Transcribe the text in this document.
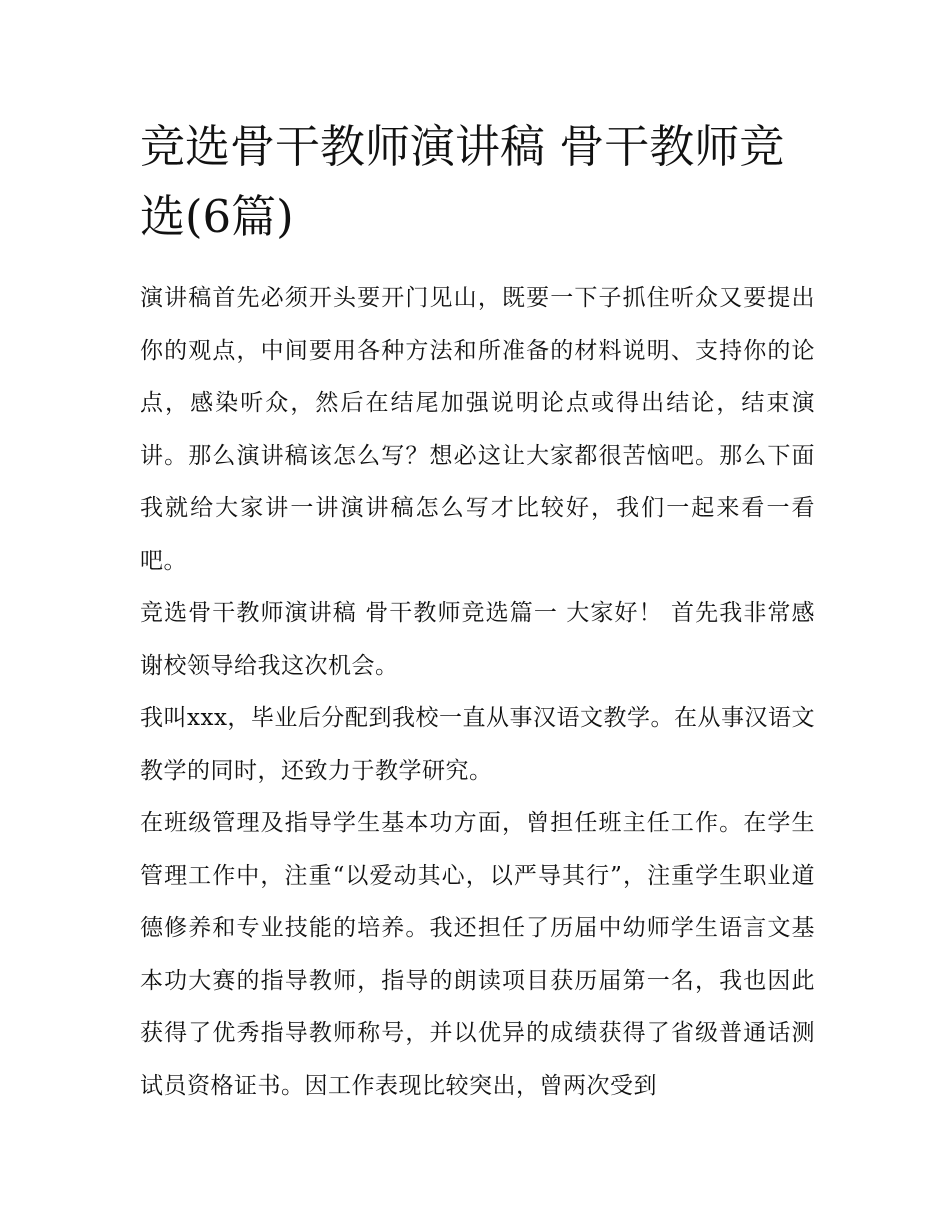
竞选骨干教师演讲稿 骨干教师竞选(6篇)

演讲稿首先必须开头要开门见山，既要一下子抓住听众又要提出你的观点，中间要用各种方法和所准备的材料说明、支持你的论点，感染听众，然后在结尾加强说明论点或得出结论，结束演讲。那么演讲稿该怎么写？想必这让大家都很苦恼吧。那么下面我就给大家讲一讲演讲稿怎么写才比较好，我们一起来看一看吧。

竞选骨干教师演讲稿 骨干教师竞选篇一 大家好！ 首先我非常感谢校领导给我这次机会。

我叫xxx，毕业后分配到我校一直从事汉语文教学。在从事汉语文教学的同时，还致力于教学研究。

在班级管理及指导学生基本功方面，曾担任班主任工作。在学生管理工作中，注重“以爱动其心，以严导其行”，注重学生职业道德修养和专业技能的培养。我还担任了历届中幼师学生语言文基本功大赛的指导教师，指导的朗读项目获历届第一名，我也因此获得了优秀指导教师称号，并以优异的成绩获得了省级普通话测试员资格证书。因工作表现比较突出，曾两次受到
